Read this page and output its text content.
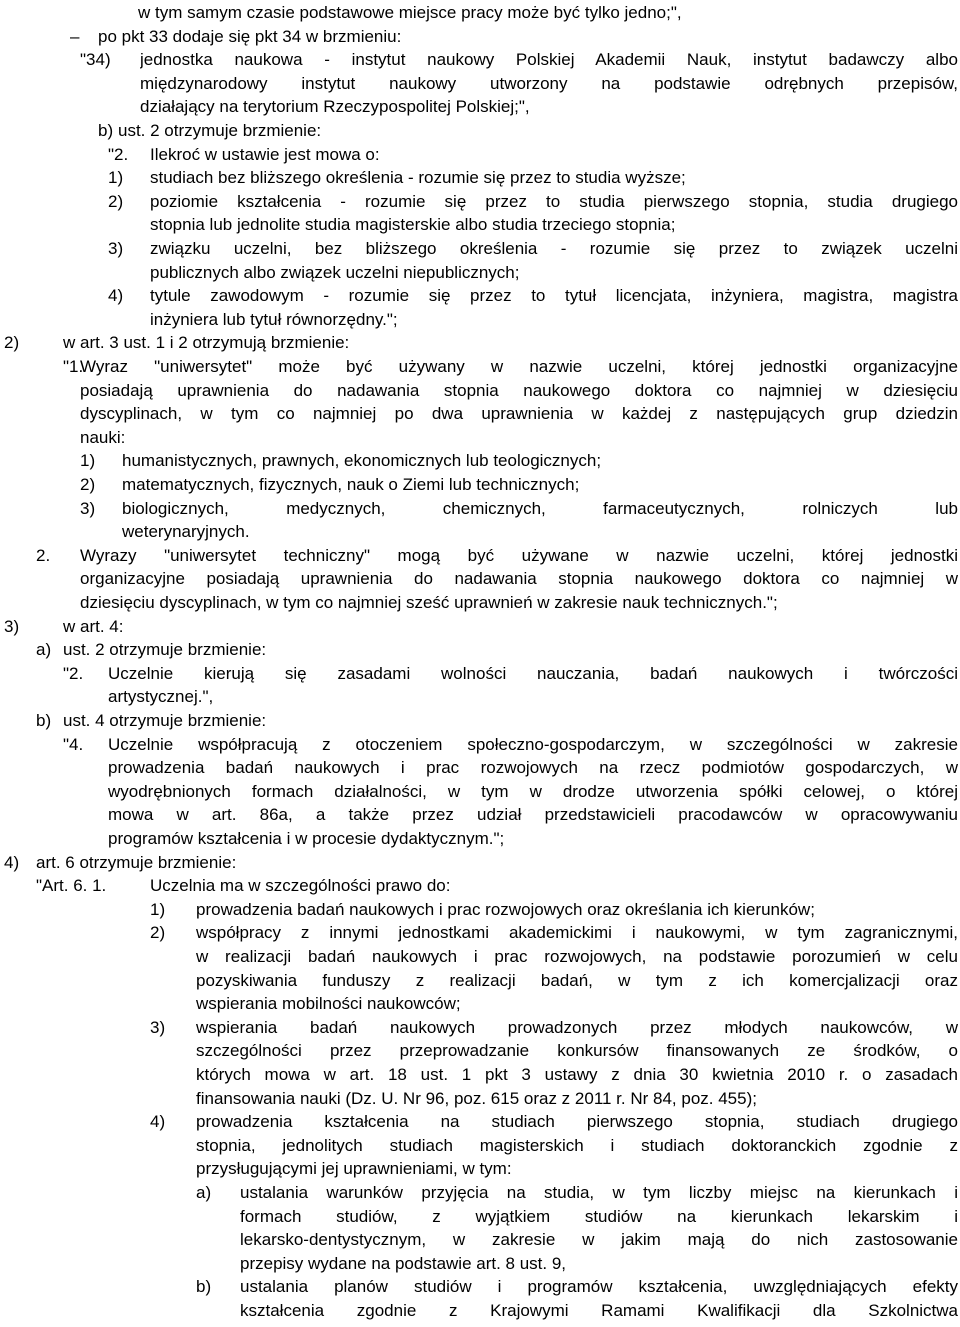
w tym samym czasie podstawowe miejsce pracy może być tylko jedno;",
– po pkt 33 dodaje się pkt 34 w brzmieniu:
"34) jednostka naukowa - instytut naukowy Polskiej Akademii Nauk, instytut badawczy albo
międzynarodowy instytut naukowy utworzony na podstawie odrębnych przepisów,
działający na terytorium Rzeczypospolitej Polskiej;",
b) ust. 2 otrzymuje brzmienie:
"2. Ilekroć w ustawie jest mowa o:
1) studiach bez bliższego określenia - rozumie się przez to studia wyższe;
2) poziomie kształcenia - rozumie się przez to studia pierwszego stopnia, studia drugiego
stopnia lub jednolite studia magisterskie albo studia trzeciego stopnia;
3) związku uczelni, bez bliższego określenia - rozumie się przez to związek uczelni
publicznych albo związek uczelni niepublicznych;
4) tytule zawodowym - rozumie się przez to tytuł licencjata, inżyniera, magistra, magistra
inżyniera lub tytuł równorzędny.";
2)	w art. 3 ust. 1 i 2 otrzymują brzmienie:
"1.
Wyraz "uniwersytet" może być używany w nazwie uczelni, której jednostki organizacyjne
posiadają uprawnienia do nadawania stopnia naukowego doktora co najmniej w dziesięciu
dyscyplinach, w tym co najmniej po dwa uprawnienia w każdej z następujących grup dziedzin
nauki:
1) humanistycznych, prawnych, ekonomicznych lub teologicznych;
2) matematycznych, fizycznych, nauk o Ziemi lub technicznych;
3) biologicznych, medycznych, chemicznych, farmaceutycznych, rolniczych lub
weterynaryjnych.
2. Wyrazy "uniwersytet techniczny" mogą być używane w nazwie uczelni, której jednostki
organizacyjne posiadają uprawnienia do nadawania stopnia naukowego doktora co najmniej w
dziesięciu dyscyplinach, w tym co najmniej sześć uprawnień w zakresie nauk technicznych.";
3)	w art. 4:
a) ust. 2 otrzymuje brzmienie:
"2. Uczelnie kierują się zasadami wolności nauczania, badań naukowych i twórczości
artystycznej.",
b) ust. 4 otrzymuje brzmienie:
"4. Uczelnie współpracują z otoczeniem społeczno-gospodarczym, w szczególności w zakresie
prowadzenia badań naukowych i prac rozwojowych na rzecz podmiotów gospodarczych, w
wyodrębnionych formach działalności, w tym w drodze utworzenia spółki celowej, o której
mowa w art. 86a, a także przez udział przedstawicieli pracodawców w opracowywaniu
programów kształcenia i w procesie dydaktycznym.";
4) art. 6 otrzymuje brzmienie:
"Art. 6. 1.	Uczelnia ma w szczególności prawo do:
1) prowadzenia badań naukowych i prac rozwojowych oraz określania ich kierunków;
2) współpracy z innymi jednostkami akademickimi i naukowymi, w tym zagranicznymi,
w realizacji badań naukowych i prac rozwojowych, na podstawie porozumień w celu
pozyskiwania funduszy z realizacji badań, w tym z ich komercjalizacji oraz
wspierania mobilności naukowców;
3) wspierania badań naukowych prowadzonych przez młodych naukowców, w
szczególności przez przeprowadzanie konkursów finansowanych ze środków, o
których mowa w art. 18 ust. 1 pkt 3 ustawy z dnia 30 kwietnia 2010 r. o zasadach
finansowania nauki (Dz. U. Nr 96, poz. 615 oraz z 2011 r. Nr 84, poz. 455);
4) prowadzenia kształcenia na studiach pierwszego stopnia, studiach drugiego
stopnia, jednolitych studiach magisterskich i studiach doktoranckich zgodnie z
przysługującymi jej uprawnieniami, w tym:
a) ustalania warunków przyjęcia na studia, w tym liczby miejsc na kierunkach i
formach studiów, z wyjątkiem studiów na kierunkach lekarskim i
lekarsko-dentystycznym, w zakresie w jakim mają do nich zastosowanie
przepisy wydane na podstawie art. 8 ust. 9,
b) ustalania planów studiów i programów kształcenia, uwzględniających efekty
kształcenia zgodnie z Krajowymi Ramami Kwalifikacji dla Szkolnictwa
